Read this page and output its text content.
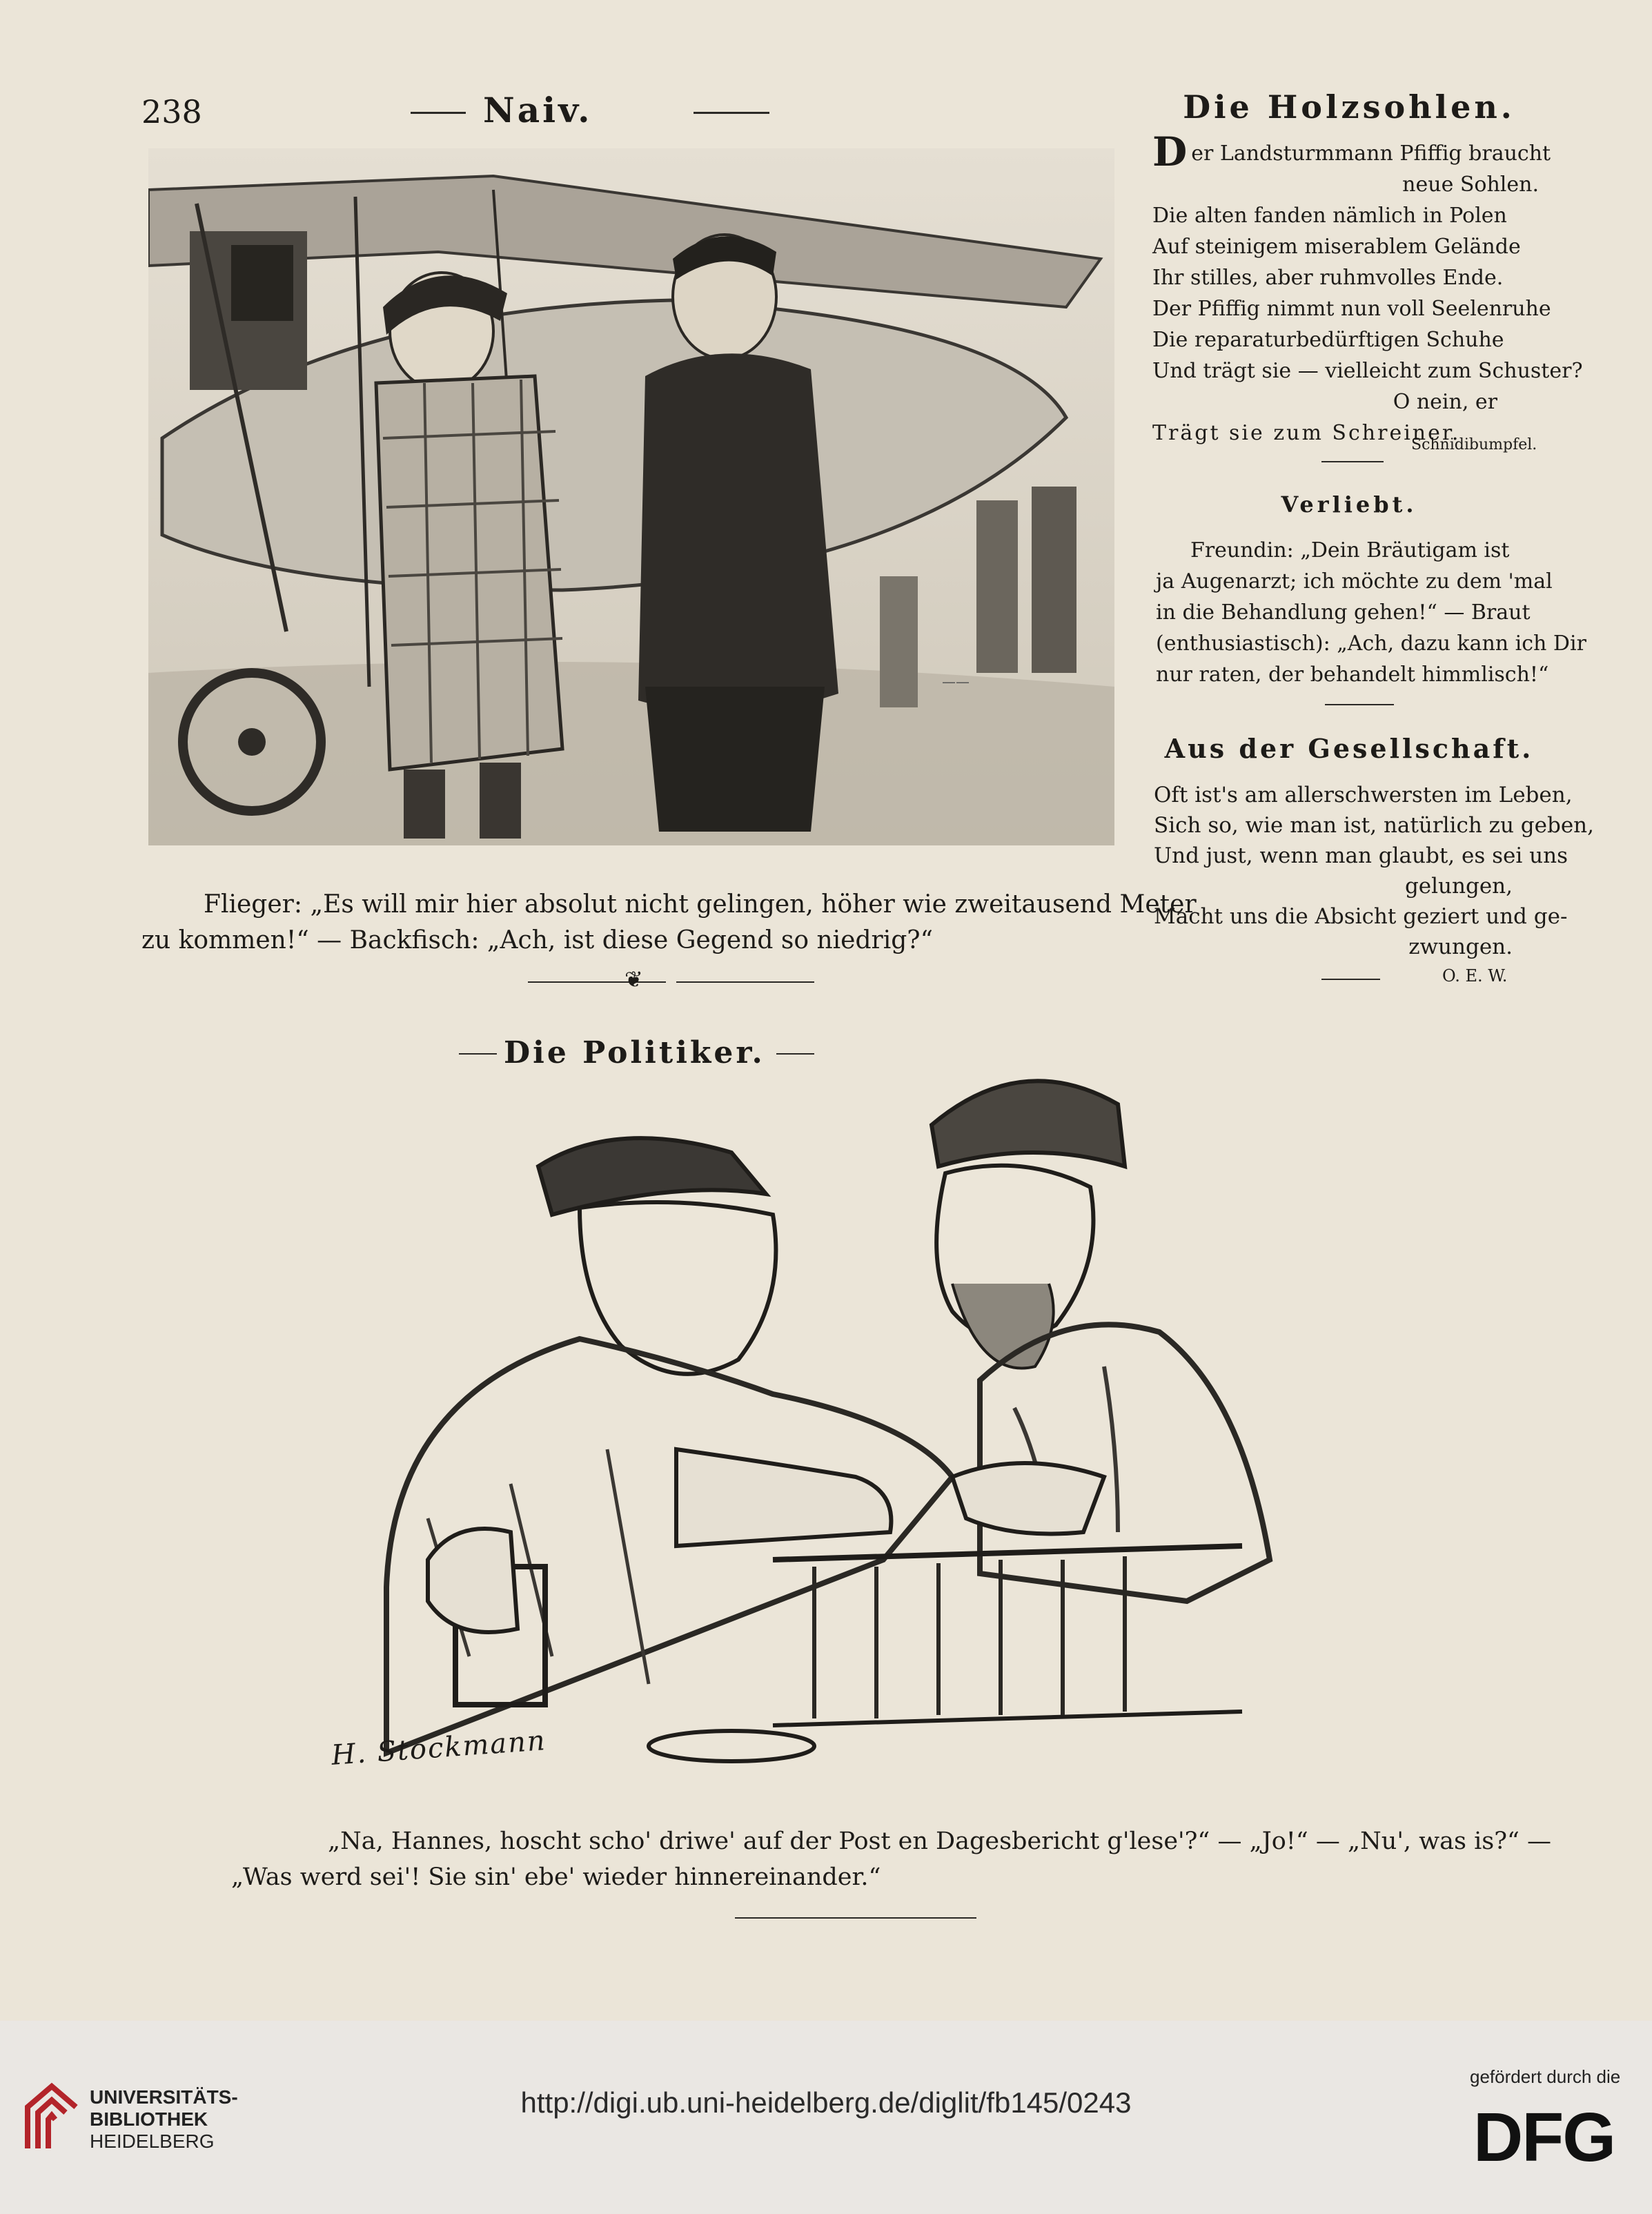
238	Naiv.
——
Flieger: „Es will mir hier absolut nicht gelingen, höher wie zweitausend Meter
zu kommen!“ — Backfisch: „Ach, ist diese Gegend so niedrig?“
❦
Die Holzsohlen.
D er Landsturmmann Pfiffig braucht
neue Sohlen.
Die alten fanden nämlich in Polen
Auf steinigem miserablem Gelände
Ihr stilles, aber ruhmvolles Ende.
Der Pfiffig nimmt nun voll Seelenruhe
Die reparaturbedürftigen Schuhe
Und trägt sie — vielleicht zum Schuster?
O nein, er
Trägt sie zum Schreiner.
Schnidibumpfel.
Verliebt.
Freundin: „Dein Bräutigam ist
ja Augenarzt; ich möchte zu dem 'mal
in die Behandlung gehen!“ — Braut
(enthusiastisch): „Ach, dazu kann ich Dir
nur raten, der behandelt himmlisch!“
Aus der Gesellschaft.
Oft ist's am allerschwersten im Leben,
Sich so, wie man ist, natürlich zu geben,
Und just, wenn man glaubt, es sei uns
gelungen,
Macht uns die Absicht geziert und ge-
zwungen.
O. E. W.
Die Politiker.
H. Stockmann
„Na, Hannes, hoscht scho' driwe' auf der Post en Dagesbericht g'lese'?“ — „Jo!“ — „Nu', was is?“ —
„Was werd sei'! Sie sin' ebe' wieder hinnereinander.“
UNIVERSITÄTS-
BIBLIOTHEK
HEIDELBERG
http://digi.ub.uni-heidelberg.de/diglit/fb145/0243
gefördert durch die
DFG
